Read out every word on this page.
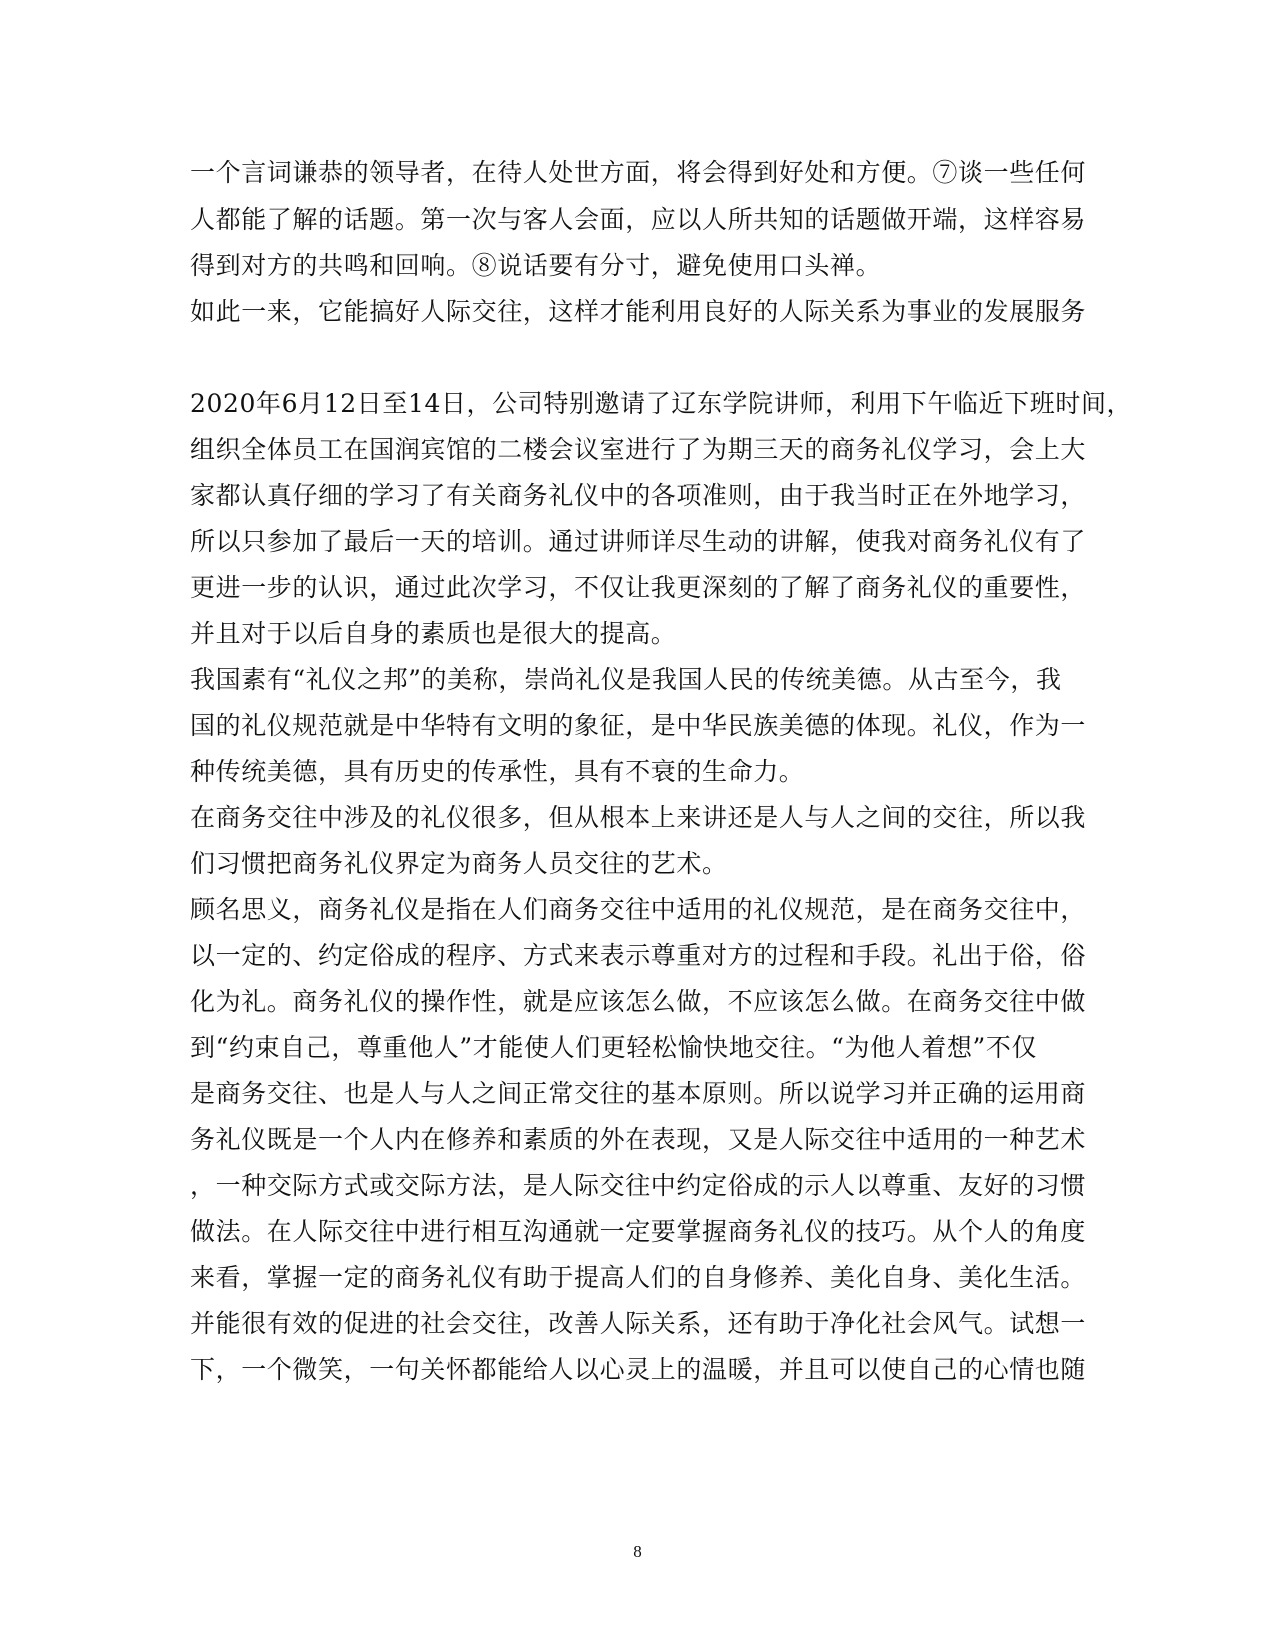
一个言词谦恭的领导者，在待人处世方面，将会得到好处和方便。⑦谈一些任何
人都能了解的话题。第一次与客人会面，应以人所共知的话题做开端，这样容易
得到对方的共鸣和回响。⑧说话要有分寸，避免使用口头禅。
如此一来，它能搞好人际交往，这样才能利用良好的人际关系为事业的发展服务
2020年6月12日至14日，公司特别邀请了辽东学院讲师，利用下午临近下班时间，
组织全体员工在国润宾馆的二楼会议室进行了为期三天的商务礼仪学习，会上大
家都认真仔细的学习了有关商务礼仪中的各项准则，由于我当时正在外地学习，
所以只参加了最后一天的培训。通过讲师详尽生动的讲解，使我对商务礼仪有了
更进一步的认识，通过此次学习，不仅让我更深刻的了解了商务礼仪的重要性，
并且对于以后自身的素质也是很大的提高。
我国素有“礼仪之邦”的美称，崇尚礼仪是我国人民的传统美德。从古至今，我
国的礼仪规范就是中华特有文明的象征，是中华民族美德的体现。礼仪，作为一
种传统美德，具有历史的传承性，具有不衰的生命力。
在商务交往中涉及的礼仪很多，但从根本上来讲还是人与人之间的交往，所以我
们习惯把商务礼仪界定为商务人员交往的艺术。
顾名思义，商务礼仪是指在人们商务交往中适用的礼仪规范，是在商务交往中，
以一定的、约定俗成的程序、方式来表示尊重对方的过程和手段。礼出于俗，俗
化为礼。商务礼仪的操作性，就是应该怎么做，不应该怎么做。在商务交往中做
到“约束自己，尊重他人”才能使人们更轻松愉快地交往。“为他人着想”不仅
是商务交往、也是人与人之间正常交往的基本原则。所以说学习并正确的运用商
务礼仪既是一个人内在修养和素质的外在表现，又是人际交往中适用的一种艺术
，一种交际方式或交际方法，是人际交往中约定俗成的示人以尊重、友好的习惯
做法。在人际交往中进行相互沟通就一定要掌握商务礼仪的技巧。从个人的角度
来看，掌握一定的商务礼仪有助于提高人们的自身修养、美化自身、美化生活。
并能很有效的促进的社会交往，改善人际关系，还有助于净化社会风气。试想一
下，一个微笑，一句关怀都能给人以心灵上的温暖，并且可以使自己的心情也随
8
